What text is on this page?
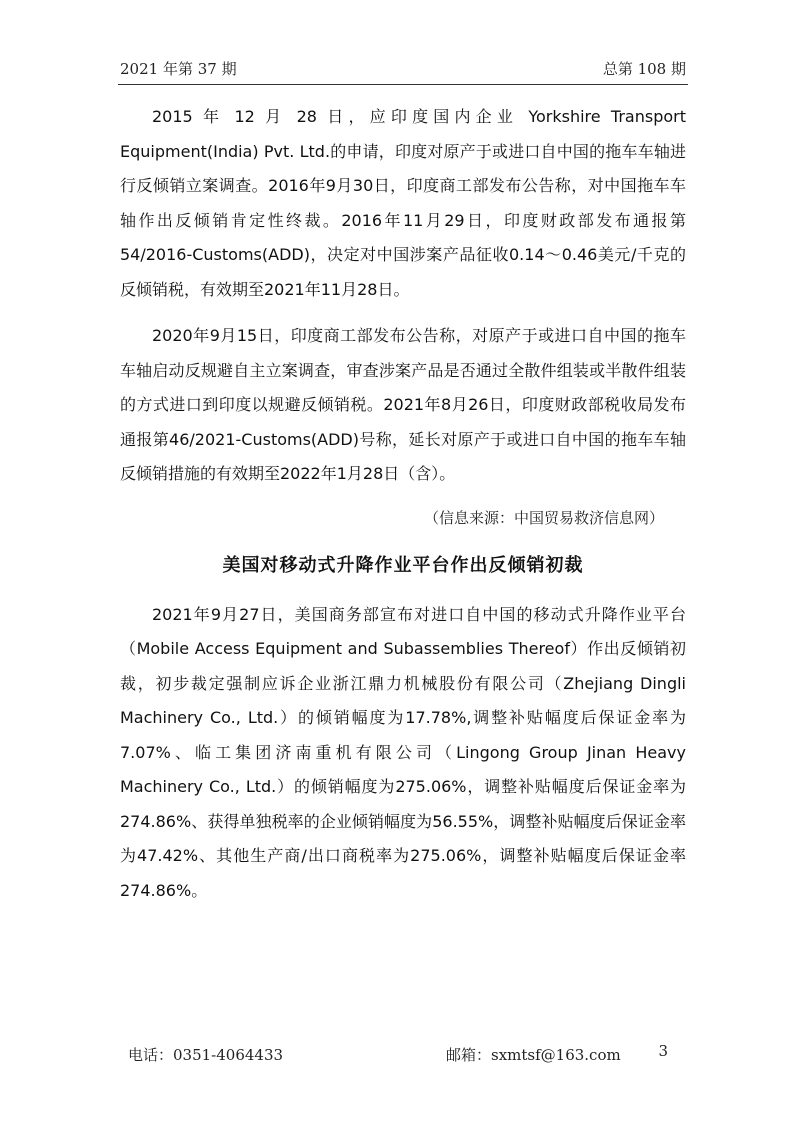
2021 年第 37 期	总第 108 期

2015 年 12 月 28 日，应印度国内企业 Yorkshire Transport Equipment(India) Pvt. Ltd.的申请，印度对原产于或进口自中国的拖车车轴进行反倾销立案调查。2016年9月30日，印度商工部发布公告称，对中国拖车车轴作出反倾销肯定性终裁。2016年11月29日，印度财政部发布通报第54/2016-Customs(ADD)，决定对中国涉案产品征收0.14～0.46美元/千克的反倾销税，有效期至2021年11月28日。

2020年9月15日，印度商工部发布公告称，对原产于或进口自中国的拖车车轴启动反规避自主立案调查，审查涉案产品是否通过全散件组装或半散件组装的方式进口到印度以规避反倾销税。2021年8月26日，印度财政部税收局发布通报第46/2021-Customs(ADD)号称，延长对原产于或进口自中国的拖车车轴反倾销措施的有效期至2022年1月28日（含）。

（信息来源：中国贸易救济信息网）
美国对移动式升降作业平台作出反倾销初裁

2021年9月27日，美国商务部宣布对进口自中国的移动式升降作业平台（Mobile Access Equipment and Subassemblies Thereof）作出反倾销初裁，初步裁定强制应诉企业浙江鼎力机械股份有限公司（Zhejiang Dingli Machinery Co., Ltd.）的倾销幅度为17.78%,调整补贴幅度后保证金率为7.07%、临工集团济南重机有限公司（Lingong Group Jinan Heavy Machinery Co., Ltd.）的倾销幅度为275.06%，调整补贴幅度后保证金率为274.86%、获得单独税率的企业倾销幅度为56.55%，调整补贴幅度后保证金率为47.42%、其他生产商/出口商税率为275.06%，调整补贴幅度后保证金率274.86%。

电话：0351-4064433	邮箱：sxmtsf@163.com	3
